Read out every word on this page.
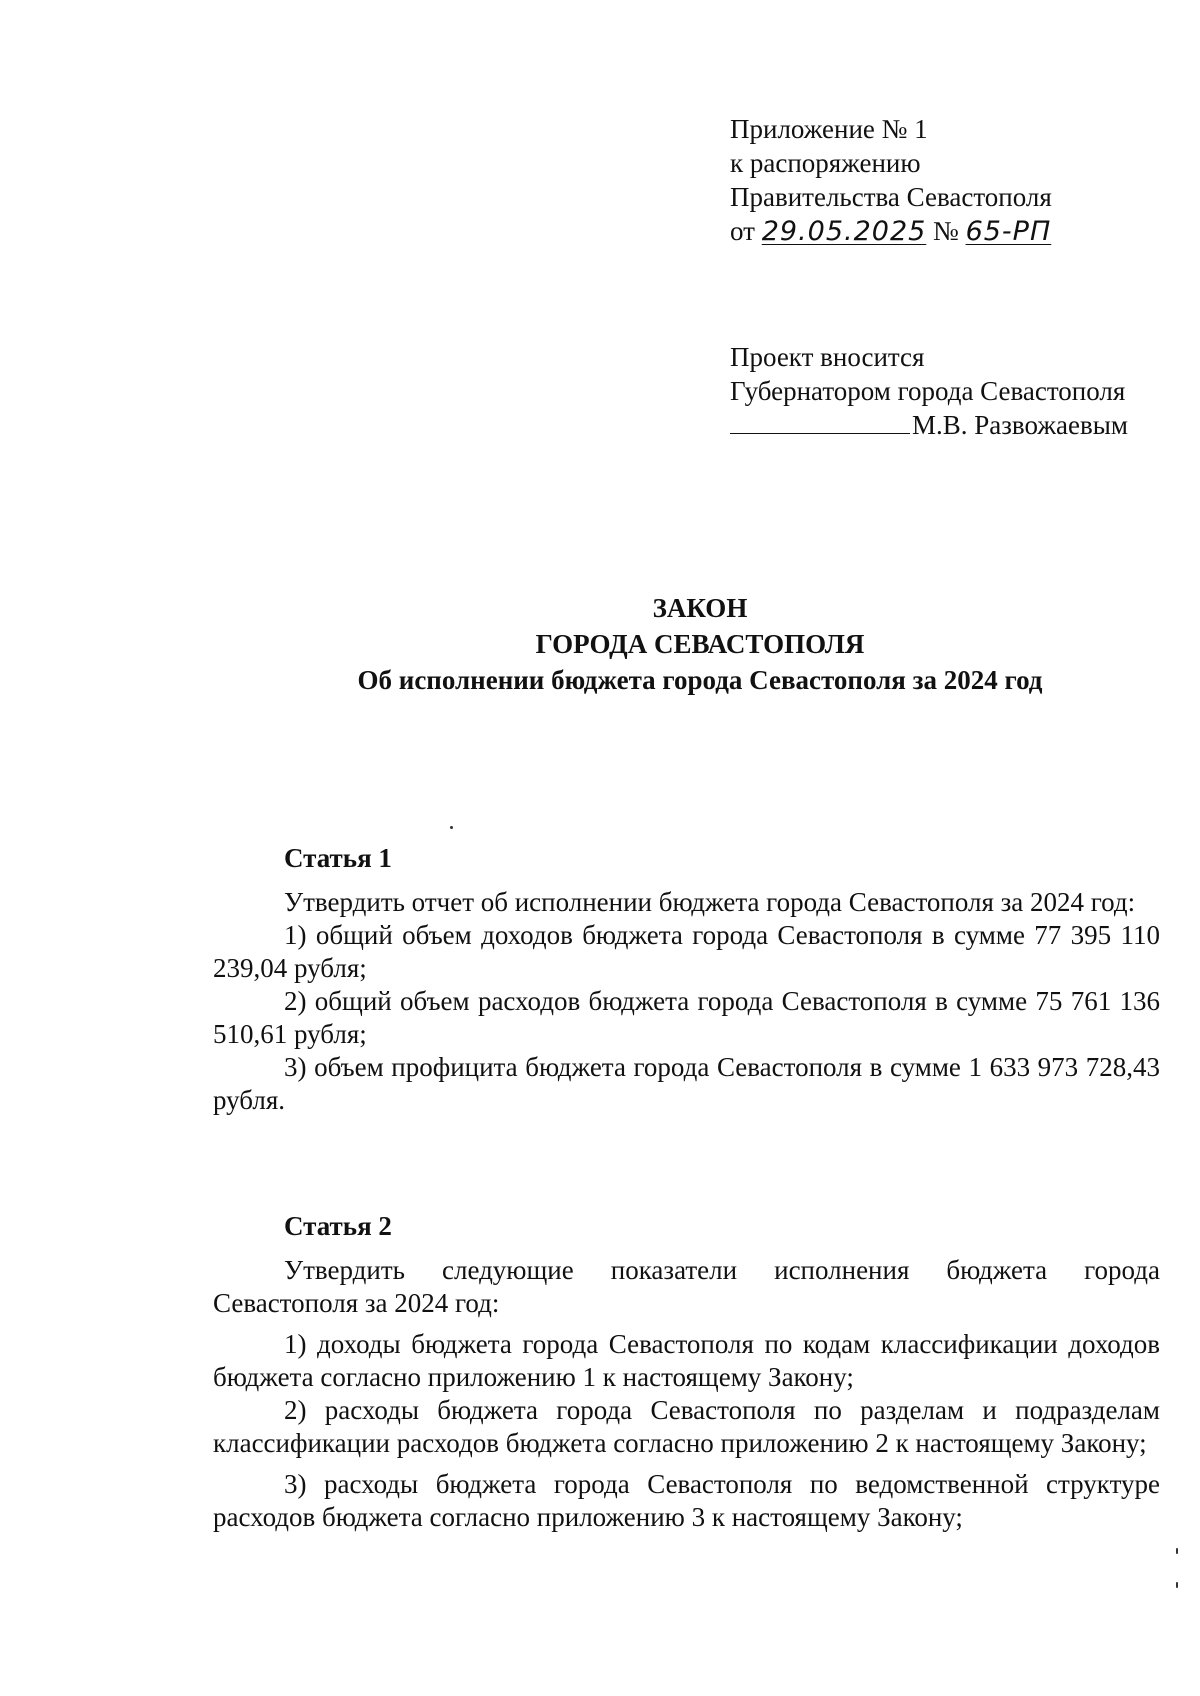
Приложение № 1
к распоряжению
Правительства Севастополя
от 29.05.2025 № 65-РП
Проект вносится
Губернатором города Севастополя
М.В. Развожаевым
ЗАКОН
ГОРОДА СЕВАСТОПОЛЯ
Об исполнении бюджета города Севастополя за 2024 год
Статья 1

Утвердить отчет об исполнении бюджета города Севастополя за 2024 год:

1) общий объем доходов бюджета города Севастополя в сумме 77 395 110 239,04 рубля;

2) общий объем расходов бюджета города Севастополя в сумме 75 761 136 510,61 рубля;

3) объем профицита бюджета города Севастополя в сумме 1 633 973 728,43 рубля.

Статья 2

Утвердить следующие показатели исполнения бюджета города Севастополя за 2024 год:

1) доходы бюджета города Севастополя по кодам классификации доходов бюджета согласно приложению 1 к настоящему Закону;

2) расходы бюджета города Севастополя по разделам и подразделам классификации расходов бюджета согласно приложению 2 к настоящему Закону;

3) расходы бюджета города Севастополя по ведомственной структуре расходов бюджета согласно приложению 3 к настоящему Закону;
